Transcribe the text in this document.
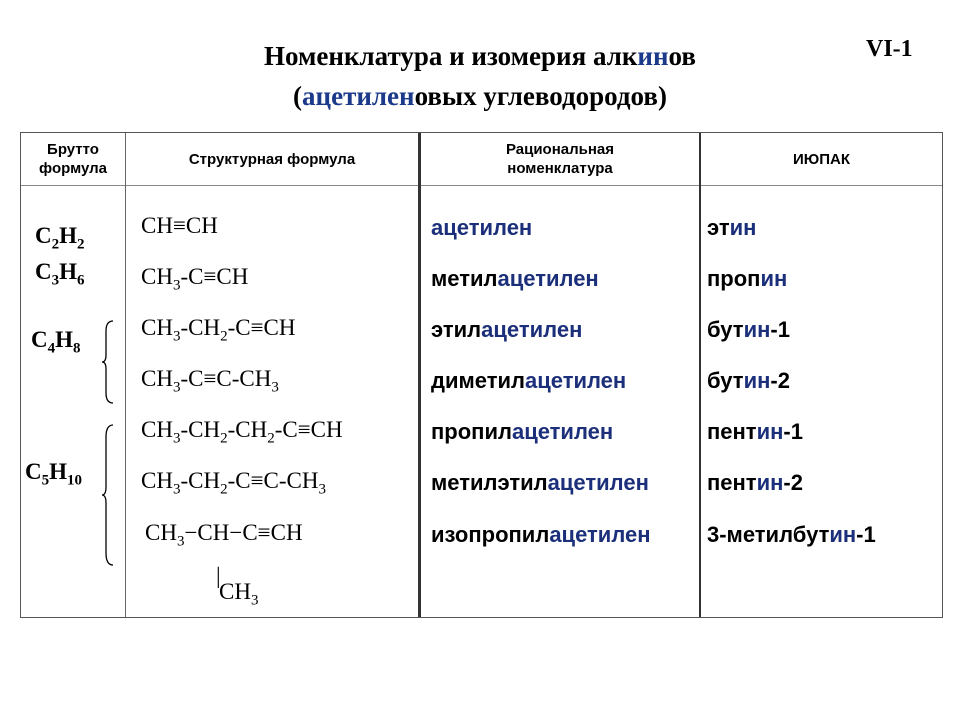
VI-1
Номенклатура и изомерия алкинов
(ацетиленовых углеводородов)
Брутто
формула
Структурная формула
Рациональная
номенклатура
ИЮПАК
$C_2H_2$
$C_3H_6$
$C_4H_8$
$C_5H_{10}$
CH≡CH
$CH_3-C\equiv CH$
$CH_3-CH_2-C\equiv CH$
$CH_3-C\equiv C-CH_3$
$CH_3-CH_2-CH_2-C\equiv CH$
$CH_3-CH_2-C\equiv C-CH_3$
$CH_3-CH-C\equiv CH$
|
$CH_3$
ацетилен
метилацетилен
этилацетилен
диметилацетилен
пропилацетилен
метилэтилацетилен
изопропилацетилен
этин
пропин
бутин-1
бутин-2
пентин-1
пентин-2
3-метилбутин-1
